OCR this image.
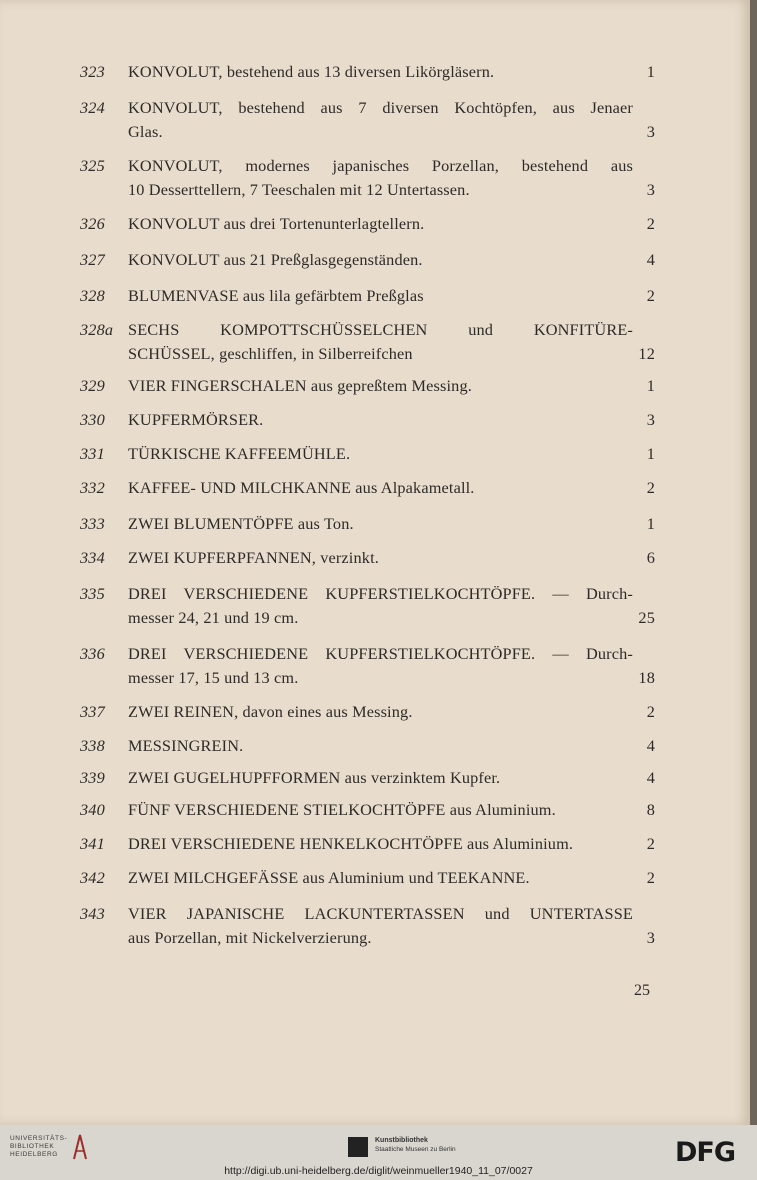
323	KONVOLUT, bestehend aus 13 diversen Likörgläsern.	1
324	KONVOLUT, bestehend aus 7 diversen Kochtöpfen, aus Jenaer
Glas.	3
325	KONVOLUT, modernes japanisches Porzellan, bestehend aus
10 Desserttellern, 7 Teeschalen mit 12 Untertassen.	3
326	KONVOLUT aus drei Tortenunterlagtellern.	2
327	KONVOLUT aus 21 Preßglasgegenständen.	4
328	BLUMENVASE aus lila gefärbtem Preßglas	2
328a SECHS KOMPOTTSCHÜSSELCHEN und KONFITÜRE-
SCHÜSSEL, geschliffen, in Silberreifchen	12
329	VIER FINGERSCHALEN aus gepreßtem Messing.	1
330	KUPFERMÖRSER.	3
331	TÜRKISCHE KAFFEEMÜHLE.	1
332	KAFFEE- UND MILCHKANNE aus Alpakametall.	2
333	ZWEI BLUMENTÖPFE aus Ton.	1
334	ZWEI KUPFERPFANNEN, verzinkt.	6
335	DREI VERSCHIEDENE KUPFERSTIELKOCHTÖPFE. — Durch-
messer 24, 21 und 19 cm.	25
336	DREI VERSCHIEDENE KUPFERSTIELKOCHTÖPFE. — Durch-
messer 17, 15 und 13 cm.	18
337	ZWEI REINEN, davon eines aus Messing.	2
338	MESSINGREIN.	4
339	ZWEI GUGELHUPFFORMEN aus verzinktem Kupfer.	4
340	FÜNF VERSCHIEDENE STIELKOCHTÖPFE aus Aluminium.	8
341	DREI VERSCHIEDENE HENKELKOCHTÖPFE aus Aluminium.	2
342	ZWEI MILCHGEFÄSSE aus Aluminium und TEEKANNE.	2
343	VIER JAPANISCHE LACKUNTERTASSEN und UNTERTASSE
aus Porzellan, mit Nickelverzierung.	3
25
UNIVERSITÄTS-
BIBLIOTHEK
HEIDELBERG
Kunstbibliothek
Staatliche Museen zu Berlin	DFG
http://digi.ub.uni-heidelberg.de/diglit/weinmueller1940_11_07/0027
